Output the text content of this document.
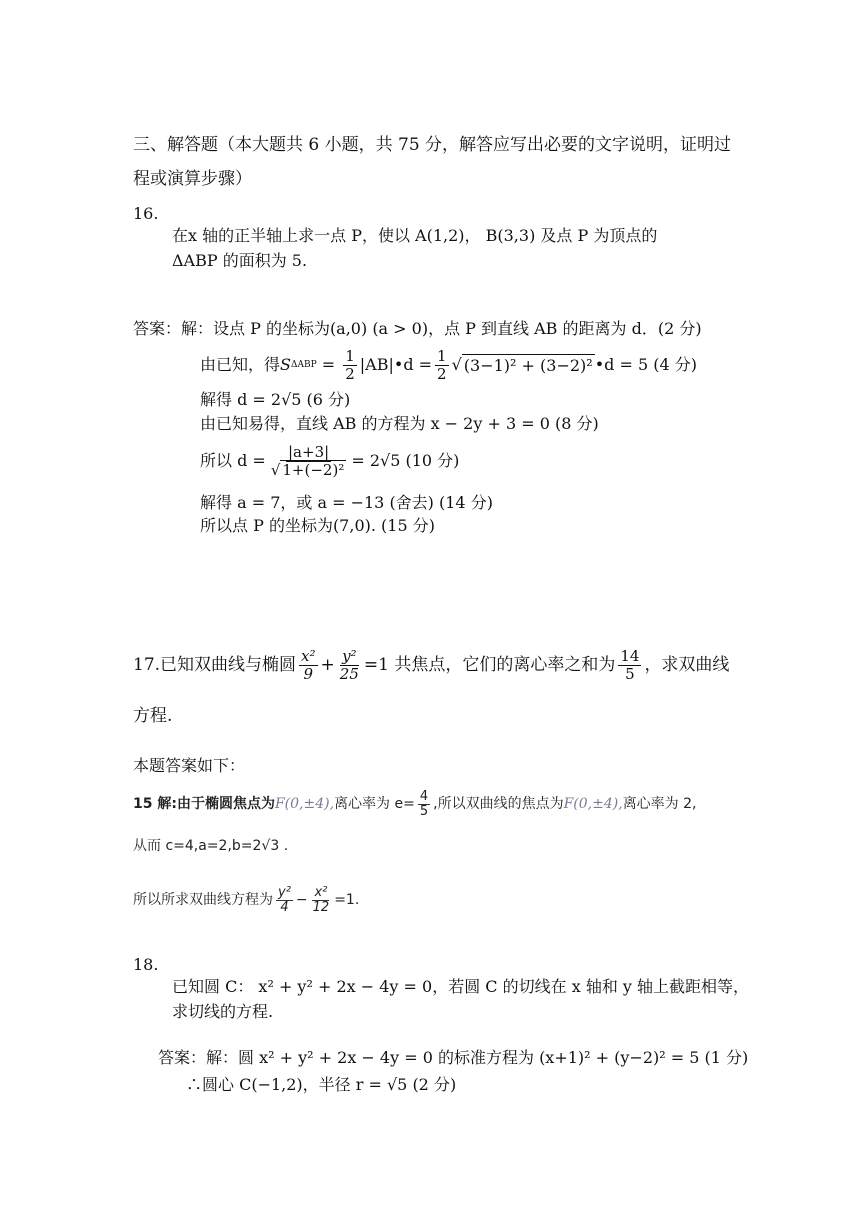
三、解答题（本大题共 6 小题，共 75 分，解答应写出必要的文字说明，证明过
程或演算步骤）
16.
在x 轴的正半轴上求一点 P，使以 A(1,2)， B(3,3) 及点 P 为顶点的
ΔABP 的面积为 5.
答案：解：设点 P 的坐标为(a,0) (a > 0)，点 P 到直线 AB 的距离为 d．(2 分)
由已知，得 S $\Delta ABP = \frac{1}{2}$ |AB|•d = $\frac{1}{2}$ √ (3−1)² + (3−2)² •d = 5 (4 分)
解得 d = 2√5 (6 分)
由已知易得，直线 AB 的方程为 x − 2y + 3 = 0 (8 分)
所以 $d = \frac{|a+3|}{\text{√ 1+(−2)²}} = 2√5$ (10 分)
解得 a = 7，或 a = −13 (舍去) (14 分)
所以点 P 的坐标为(7,0). (15 分)
17.已知双曲线与椭圆 $\frac{\text{x²}}{9} + \frac{\text{y²}}{25} =1$ 共焦点，它们的离心率之和为 $\frac{14}{5}$ ，求双曲线
方程.
本题答案如下：
15 解:由于椭圆焦点为 F(0,±4), 离心率为 $e= \frac{4}{5}$ ,所以双曲线的焦点为 F(0,±4), 离心率为 2,
从而 c=4,a=2,b=2√3 .
所以所求双曲线方程为 $\frac{\text{y²}}{4} - \frac{\text{x²}}{12} =1$.
18.
已知圆 C： x² + y² + 2x − 4y = 0，若圆 C 的切线在 x 轴和 y 轴上截距相等，
求切线的方程.
答案：解：圆 x² + y² + 2x − 4y = 0 的标准方程为 (x+1)² + (y−2)² = 5 (1 分)
∴圆心 C(−1,2)，半径 r = √5 (2 分)
